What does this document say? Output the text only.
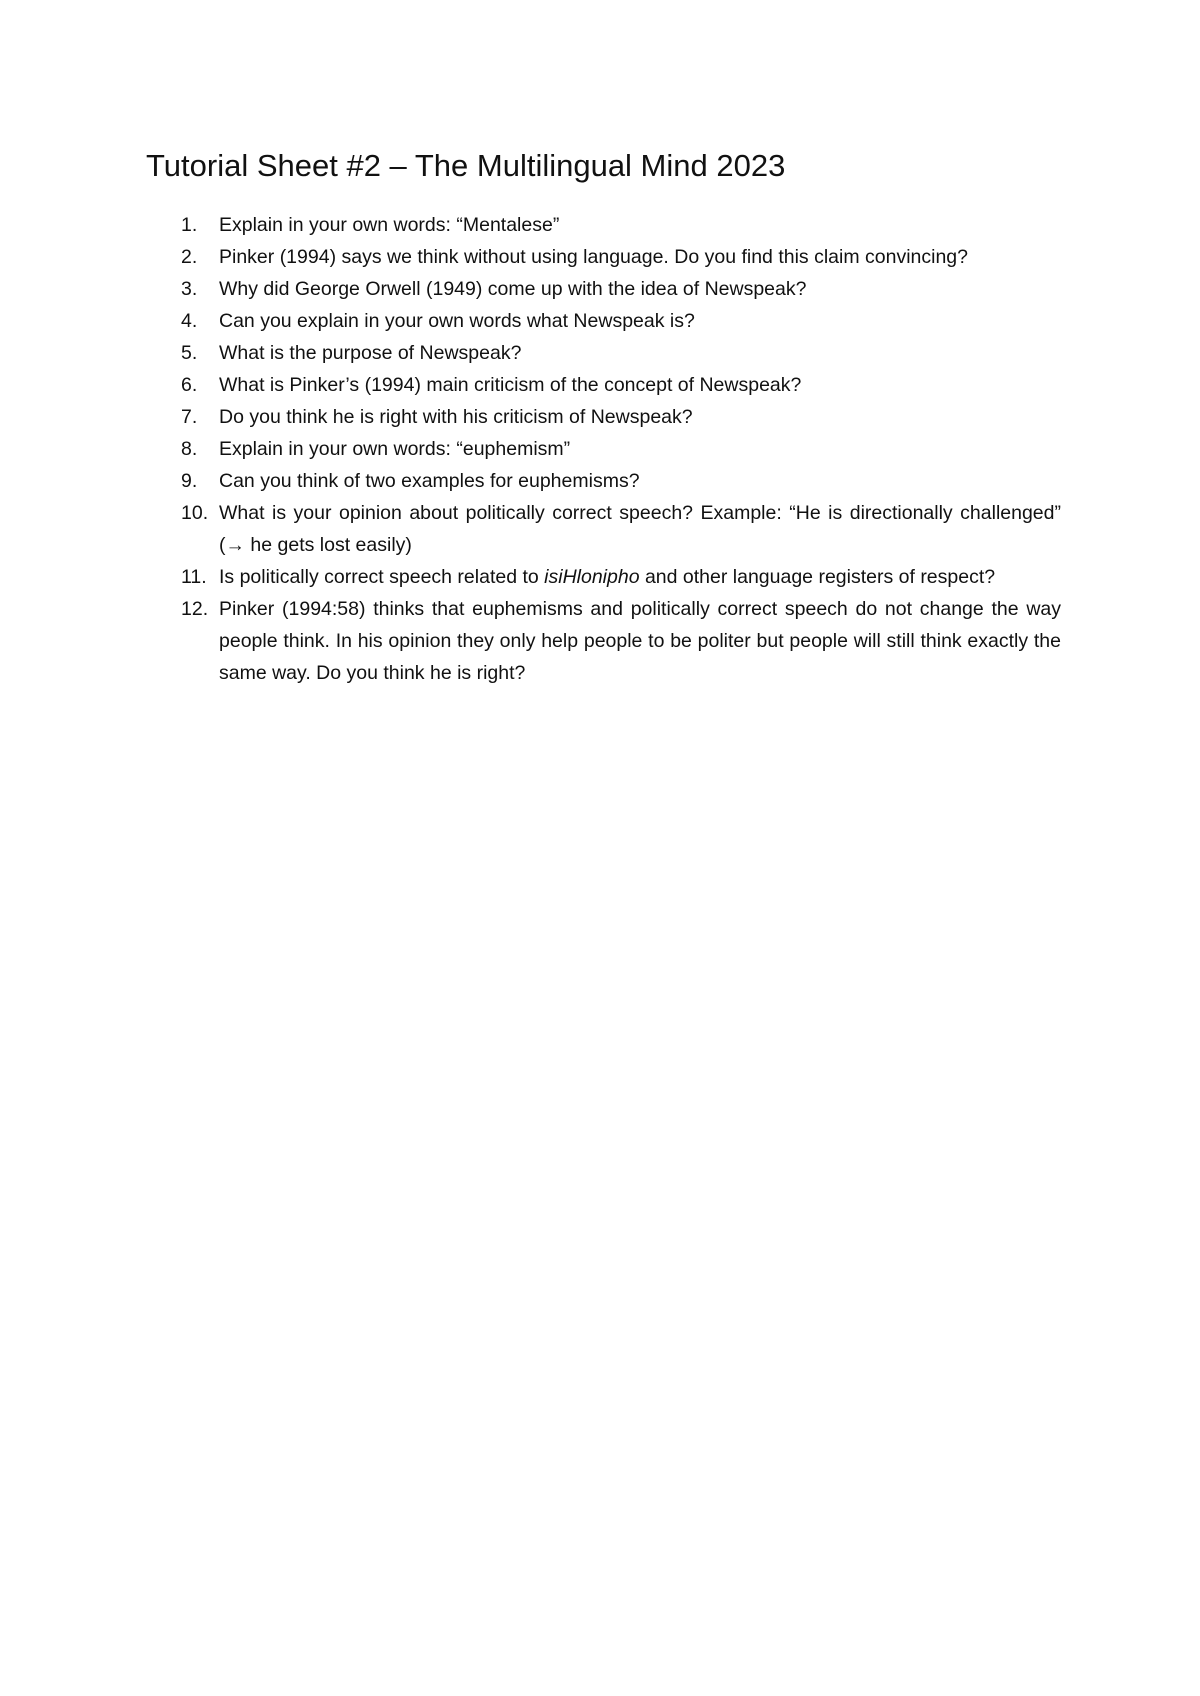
Tutorial Sheet #2 – The Multilingual Mind 2023
1. Explain in your own words: “Mentalese”
2. Pinker (1994) says we think without using language. Do you find this claim convincing?
3. Why did George Orwell (1949) come up with the idea of Newspeak?
4. Can you explain in your own words what Newspeak is?
5. What is the purpose of Newspeak?
6. What is Pinker’s (1994) main criticism of the concept of Newspeak?
7. Do you think he is right with his criticism of Newspeak?
8. Explain in your own words: “euphemism”
9. Can you think of two examples for euphemisms?
10. What is your opinion about politically correct speech? Example: “He is directionally challenged” (→ he gets lost easily)
11. Is politically correct speech related to isiHlonipho and other language registers of respect?
12. Pinker (1994:58) thinks that euphemisms and politically correct speech do not change the way people think. In his opinion they only help people to be politer but people will still think exactly the same way. Do you think he is right?
